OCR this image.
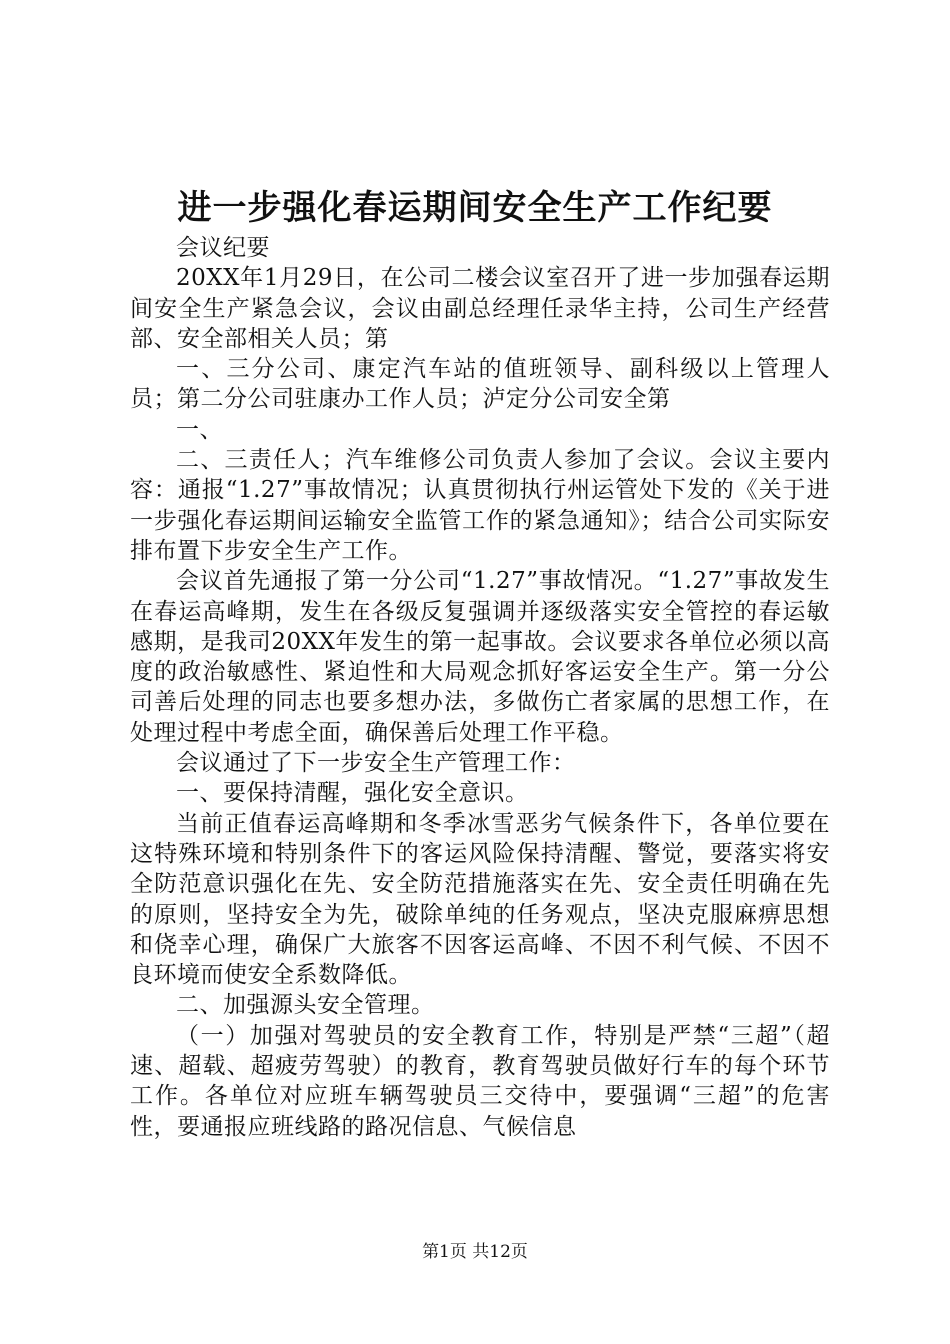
进一步强化春运期间安全生产工作纪要

会议纪要

20XX年1月29日，在公司二楼会议室召开了进一步加强春运期间安全生产紧急会议，会议由副总经理任录华主持，公司生产经营部、安全部相关人员；第

一、三分公司、康定汽车站的值班领导、副科级以上管理人员；第二分公司驻康办工作人员；泸定分公司安全第

一、

二、三责任人；汽车维修公司负责人参加了会议。会议主要内容：通报“1.27”事故情况；认真贯彻执行州运管处下发的《关于进一步强化春运期间运输安全监管工作的紧急通知》；结合公司实际安排布置下步安全生产工作。

会议首先通报了第一分公司“1.27”事故情况。“1.27”事故发生在春运高峰期，发生在各级反复强调并逐级落实安全管控的春运敏感期，是我司20XX年发生的第一起事故。会议要求各单位必须以高度的政治敏感性、紧迫性和大局观念抓好客运安全生产。第一分公司善后处理的同志也要多想办法，多做伤亡者家属的思想工作，在处理过程中考虑全面，确保善后处理工作平稳。

会议通过了下一步安全生产管理工作：

一、要保持清醒，强化安全意识。

当前正值春运高峰期和冬季冰雪恶劣气候条件下，各单位要在这特殊环境和特别条件下的客运风险保持清醒、警觉，要落实将安全防范意识强化在先、安全防范措施落实在先、安全责任明确在先的原则，坚持安全为先，破除单纯的任务观点，坚决克服麻痹思想和侥幸心理，确保广大旅客不因客运高峰、不因不利气候、不因不良环境而使安全系数降低。

二、加强源头安全管理。

（一）加强对驾驶员的安全教育工作，特别是严禁“三超”（超速、超载、超疲劳驾驶）的教育，教育驾驶员做好行车的每个环节工作。各单位对应班车辆驾驶员三交待中，要强调“三超”的危害性，要通报应班线路的路况信息、气候信息

第1页 共12页
